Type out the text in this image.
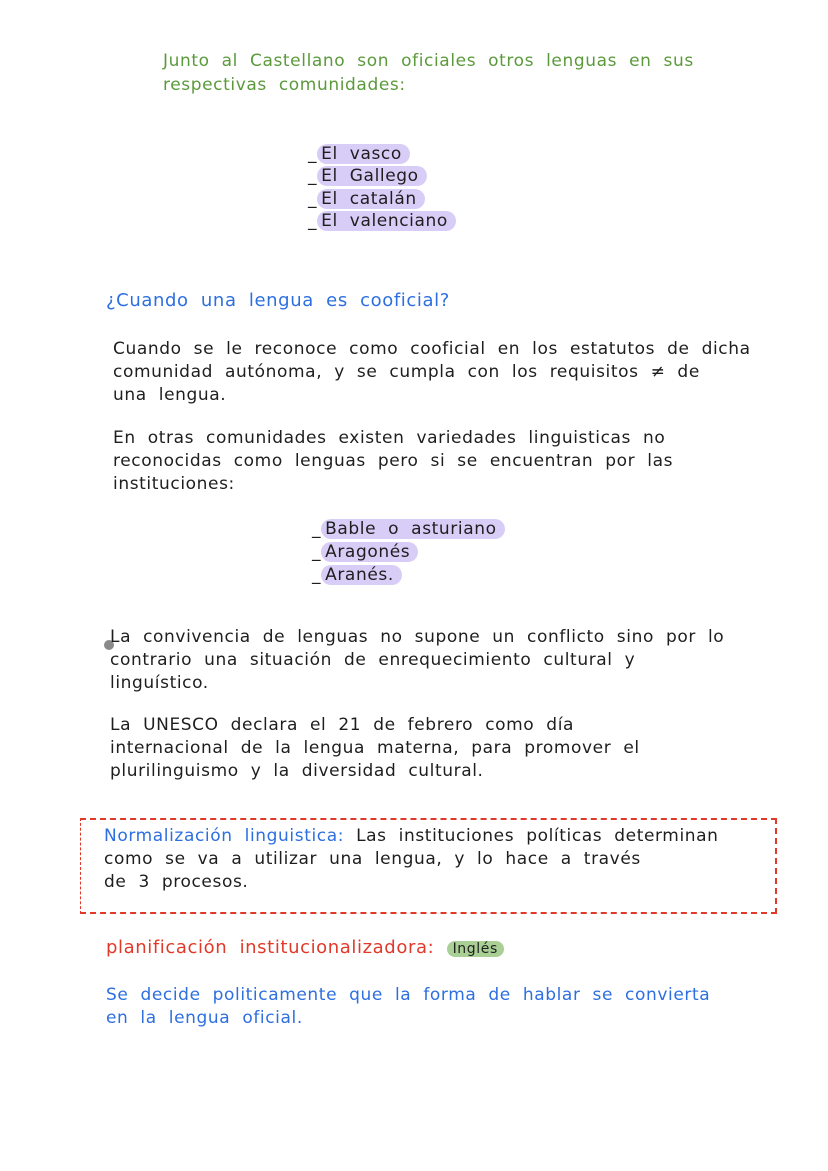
Junto al Castellano son oficiales otros lenguas en sus
respectivas comunidades:
_ El vasco
_ El Gallego
_ El catalán
_ El valenciano
¿Cuando una lengua es cooficial?
Cuando se le reconoce como cooficial en los estatutos de dicha
comunidad autónoma, y se cumpla con los requisitos ≠ de
una lengua.
En otras comunidades existen variedades linguisticas no
reconocidas como lenguas pero si se encuentran por las
instituciones:
_ Bable o asturiano
_ Aragonés
_ Aranés.
La convivencia de lenguas no supone un conflicto sino por lo
contrario una situación de enrequecimiento cultural y
linguístico.
La UNESCO declara el 21 de febrero como día
internacional de la lengua materna, para promover el
plurilinguismo y la diversidad cultural.
Normalización linguistica: Las instituciones políticas determinan
como se va a utilizar una lengua, y lo hace a través
de 3 procesos.
planificación institucionalizadora: Inglés
Se decide politicamente que la forma de hablar se convierta
en la lengua oficial.
